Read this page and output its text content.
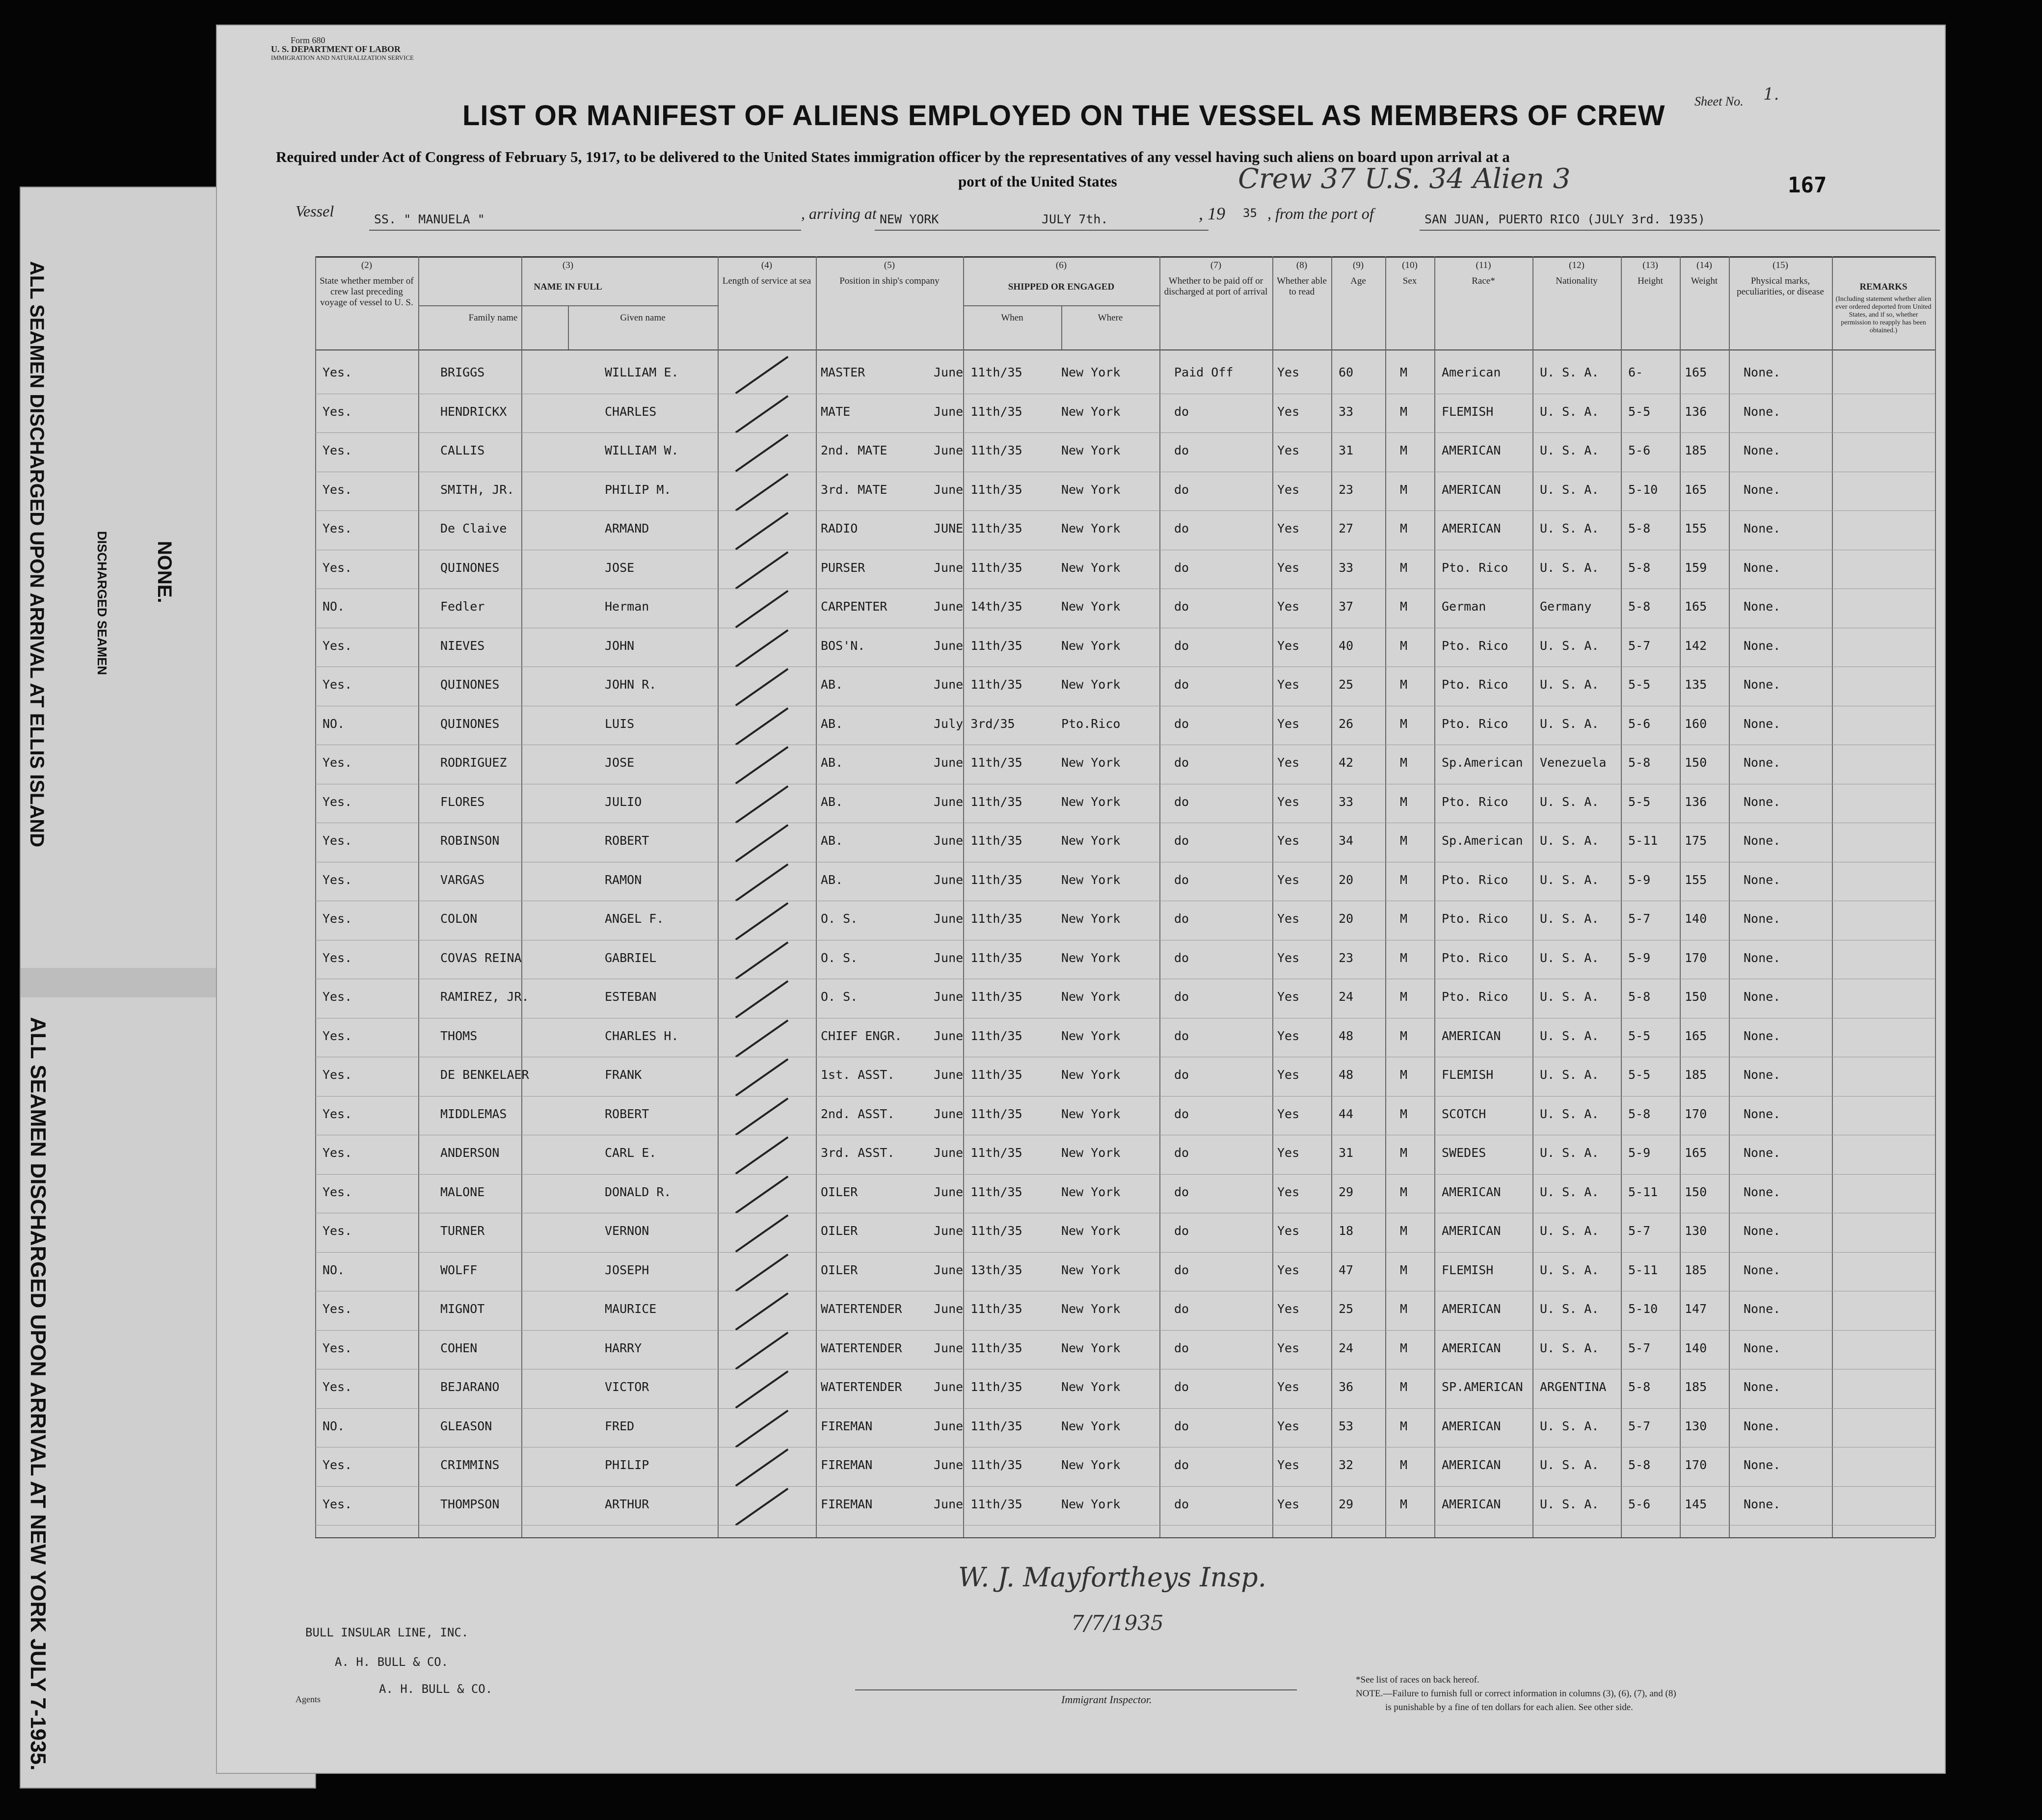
ALL SEAMEN DISCHARGED UPON ARRIVAL AT ELLIS ISLAND	DISCHARGED SEAMEN NONE.
ALL SEAMEN DISCHARGED UPON ARRIVAL AT NEW YORK JULY 7-1935.
Form 680
U. S. DEPARTMENT OF LABOR
IMMIGRATION AND NATURALIZATION SERVICE
Sheet No. 1.
LIST OR MANIFEST OF ALIENS EMPLOYED ON THE VESSEL AS MEMBERS OF CREW
Required under Act of Congress of February 5, 1917, to be delivered to the United States immigration officer by the representatives of any vessel having such aliens on board upon arrival at a
port of the United States	Crew 37 U.S. 34 Alien 3	167
Vessel	SS. " MANUELA "	, arriving at NEW YORK	JULY 7th.	, 19 35 , from the port of	SAN JUAN, PUERTO RICO (JULY 3rd. 1935)
(2)
State whether member of crew last preceding voyage of vessel to U. S.
(3)
NAME IN FULL
Family name	Given name
(4)
Length of service at sea
(5)
Position in ship's company
(6)
SHIPPED OR ENGAGED
When	Where
(7)
Whether to be paid off or discharged at port of arrival
(8)
Whether able to read
(9)
Age
(10)
Sex
(11)
Race*
(12)
Nationality
(13)
Height
(14)
Weight
(15)
Physical marks, peculiarities, or disease	REMARKS
(Including statement whether alien ever ordered deported from United States, and if so, whether permission to reapply has been obtained.)
Yes.	BRIGGS	WILLIAM E.	MASTER	June 11th/35	New York	Paid Off	Yes	60	M	American	U. S. A. 6-	165	None.
Yes.	HENDRICKX	CHARLES	MATE	June 11th/35	New York	do	Yes	33	M	FLEMISH	U. S. A. 5-5	136	None.
Yes.	CALLIS	WILLIAM W.	2nd. MATE	June 11th/35	New York	do	Yes	31	M	AMERICAN	U. S. A. 5-6	185	None.
Yes.	SMITH, JR.	PHILIP M.	3rd. MATE	June 11th/35	New York	do	Yes	23	M	AMERICAN	U. S. A. 5-10 165	None.
Yes.	De Claive	ARMAND	RADIO	JUNE 11th/35	New York	do	Yes	27	M	AMERICAN	U. S. A. 5-8	155	None.
Yes.	QUINONES	JOSE	PURSER	June 11th/35	New York	do	Yes	33	M	Pto. Rico	U. S. A. 5-8	159	None.
NO.	Fedler	Herman	CARPENTER	June 14th/35	New York	do	Yes	37	M	German	Germany	5-8	165	None.
Yes.	NIEVES	JOHN	BOS'N.	June 11th/35	New York	do	Yes	40	M	Pto. Rico	U. S. A. 5-7	142	None.
Yes.	QUINONES	JOHN R.	AB.	June 11th/35	New York	do	Yes	25	M	Pto. Rico	U. S. A. 5-5	135	None.
NO.	QUINONES	LUIS	AB.	July 3rd/35	Pto.Rico	do	Yes	26	M	Pto. Rico	U. S. A. 5-6	160	None.
Yes.	RODRIGUEZ	JOSE	AB.	June 11th/35	New York	do	Yes	42	M	Sp.American Venezuela 5-8	150	None.
Yes.	FLORES	JULIO	AB.	June 11th/35	New York	do	Yes	33	M	Pto. Rico	U. S. A. 5-5	136	None.
Yes.	ROBINSON	ROBERT	AB.	June 11th/35	New York	do	Yes	34	M	Sp.American U. S. A. 5-11 175	None.
Yes.	VARGAS	RAMON	AB.	June 11th/35	New York	do	Yes	20	M	Pto. Rico	U. S. A. 5-9	155	None.
Yes.	COLON	ANGEL F.	O. S.	June 11th/35	New York	do	Yes	20	M	Pto. Rico	U. S. A. 5-7	140	None.
Yes.	COVAS REINA	GABRIEL	O. S.	June 11th/35	New York	do	Yes	23	M	Pto. Rico	U. S. A. 5-9	170	None.
Yes.	RAMIREZ, JR.	ESTEBAN	O. S.	June 11th/35	New York	do	Yes	24	M	Pto. Rico	U. S. A. 5-8	150	None.
Yes.	THOMS	CHARLES H.	CHIEF ENGR.	June 11th/35	New York	do	Yes	48	M	AMERICAN	U. S. A. 5-5	165	None.
Yes.	DE BENKELAER	FRANK	1st. ASST.	June 11th/35	New York	do	Yes	48	M	FLEMISH	U. S. A. 5-5	185	None.
Yes.	MIDDLEMAS	ROBERT	2nd. ASST.	June 11th/35	New York	do	Yes	44	M	SCOTCH	U. S. A. 5-8	170	None.
Yes.	ANDERSON	CARL E.	3rd. ASST.	June 11th/35	New York	do	Yes	31	M	SWEDES	U. S. A. 5-9	165	None.
Yes.	MALONE	DONALD R.	OILER	June 11th/35	New York	do	Yes	29	M	AMERICAN	U. S. A. 5-11 150	None.
Yes.	TURNER	VERNON	OILER	June 11th/35	New York	do	Yes	18	M	AMERICAN	U. S. A. 5-7	130	None.
NO.	WOLFF	JOSEPH	OILER	June 13th/35	New York	do	Yes	47	M	FLEMISH	U. S. A. 5-11 185	None.
Yes.	MIGNOT	MAURICE	WATERTENDER	June 11th/35	New York	do	Yes	25	M	AMERICAN	U. S. A. 5-10 147	None.
Yes.	COHEN	HARRY	WATERTENDER	June 11th/35	New York	do	Yes	24	M	AMERICAN	U. S. A. 5-7	140	None.
Yes.	BEJARANO	VICTOR	WATERTENDER	June 11th/35	New York	do	Yes	36	M	SP.AMERICAN ARGENTINA 5-8	185	None.
NO.	GLEASON	FRED	FIREMAN	June 11th/35	New York	do	Yes	53	M	AMERICAN	U. S. A. 5-7	130	None.
Yes.	CRIMMINS	PHILIP	FIREMAN	June 11th/35	New York	do	Yes	32	M	AMERICAN	U. S. A. 5-8	170	None.
Yes.	THOMPSON	ARTHUR	FIREMAN	June 11th/35	New York	do	Yes	29	M	AMERICAN	U. S. A. 5-6	145	None.
BULL INSULAR LINE, INC.
A. H. BULL & CO.
A. H. BULL & CO.
Agents	Immigrant Inspector.
W. J. Mayfortheys Insp.
7/7/1935
*See list of races on back hereof.
NOTE.—Failure to furnish full or correct information in columns (3), (6), (7), and (8)
is punishable by a fine of ten dollars for each alien. See other side.
